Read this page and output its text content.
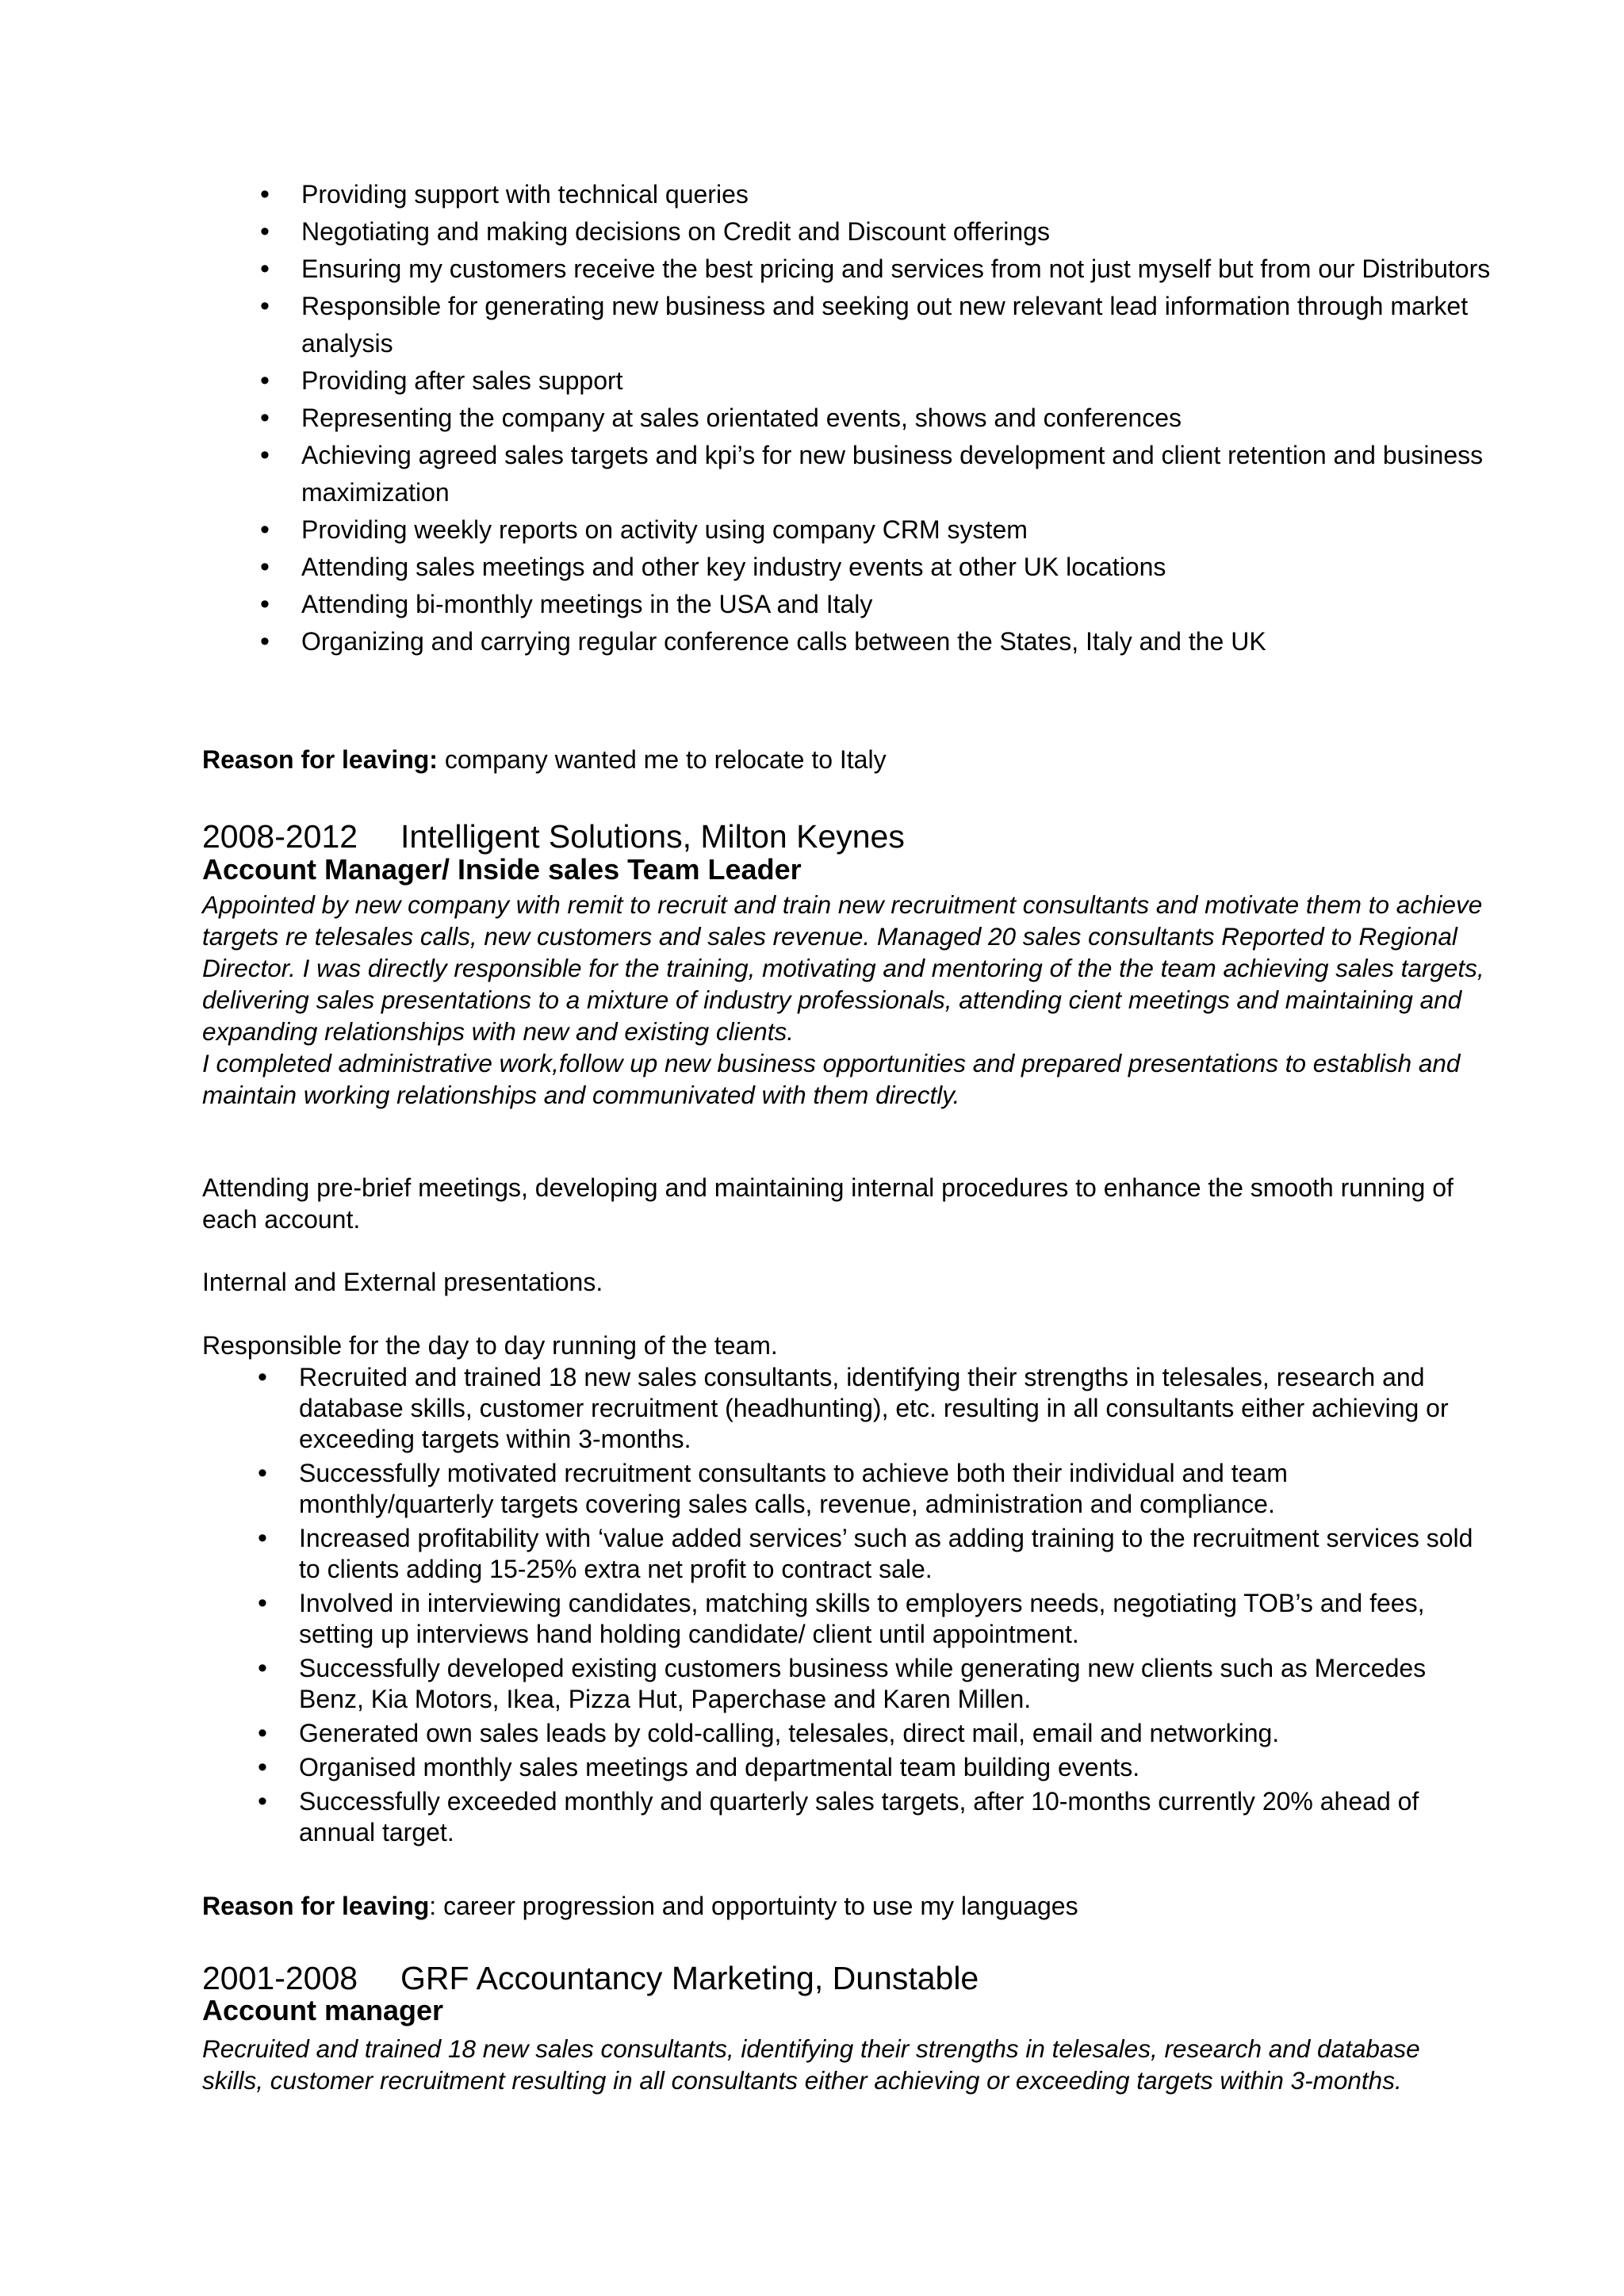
• Providing support with technical queries
• Negotiating and making decisions on Credit and Discount offerings
• Ensuring my customers receive the best pricing and services from not just myself but from our Distributors
• Responsible for generating new business and seeking out new relevant lead information through market analysis
• Providing after sales support
• Representing the company at sales orientated events, shows and conferences
• Achieving agreed sales targets and kpi’s for new business development and client retention and business maximization
• Providing weekly reports on activity using company CRM system
• Attending sales meetings and other key industry events at other UK locations
• Attending bi-monthly meetings in the USA and Italy
• Organizing and carrying regular conference calls between the States, Italy and the UK
Reason for leaving: company wanted me to relocate to Italy
2008-2012 Intelligent Solutions, Milton Keynes
Account Manager/ Inside sales Team Leader

Appointed by new company with remit to recruit and train new recruitment consultants and motivate them to achieve targets re telesales calls, new customers and sales revenue. Managed 20 sales consultants Reported to Regional Director. I was directly responsible for the training, motivating and mentoring of the the team achieving sales targets, delivering sales presentations to a mixture of industry professionals, attending cient meetings and maintaining and expanding relationships with new and existing clients.

I completed administrative work,follow up new business opportunities and prepared presentations to establish and maintain working relationships and communivated with them directly.

Attending pre-brief meetings, developing and maintaining internal procedures to enhance the smooth running of each account.
Internal and External presentations.
Responsible for the day to day running of the team.
• Recruited and trained 18 new sales consultants, identifying their strengths in telesales, research and database skills, customer recruitment (headhunting), etc. resulting in all consultants either achieving or exceeding targets within 3-months.
• Successfully motivated recruitment consultants to achieve both their individual and team monthly/quarterly targets covering sales calls, revenue, administration and compliance.
• Increased profitability with ‘value added services’ such as adding training to the recruitment services sold to clients adding 15-25% extra net profit to contract sale.
• Involved in interviewing candidates, matching skills to employers needs, negotiating TOB’s and fees, setting up interviews hand holding candidate/ client until appointment.
• Successfully developed existing customers business while generating new clients such as Mercedes Benz, Kia Motors, Ikea, Pizza Hut, Paperchase and Karen Millen.
• Generated own sales leads by cold-calling, telesales, direct mail, email and networking.
• Organised monthly sales meetings and departmental team building events.
• Successfully exceeded monthly and quarterly sales targets, after 10-months currently 20% ahead of annual target.
Reason for leaving: career progression and opportuinty to use my languages
2001-2008 GRF Accountancy Marketing, Dunstable
Account manager

Recruited and trained 18 new sales consultants, identifying their strengths in telesales, research and database skills, customer recruitment resulting in all consultants either achieving or exceeding targets within 3-months.
